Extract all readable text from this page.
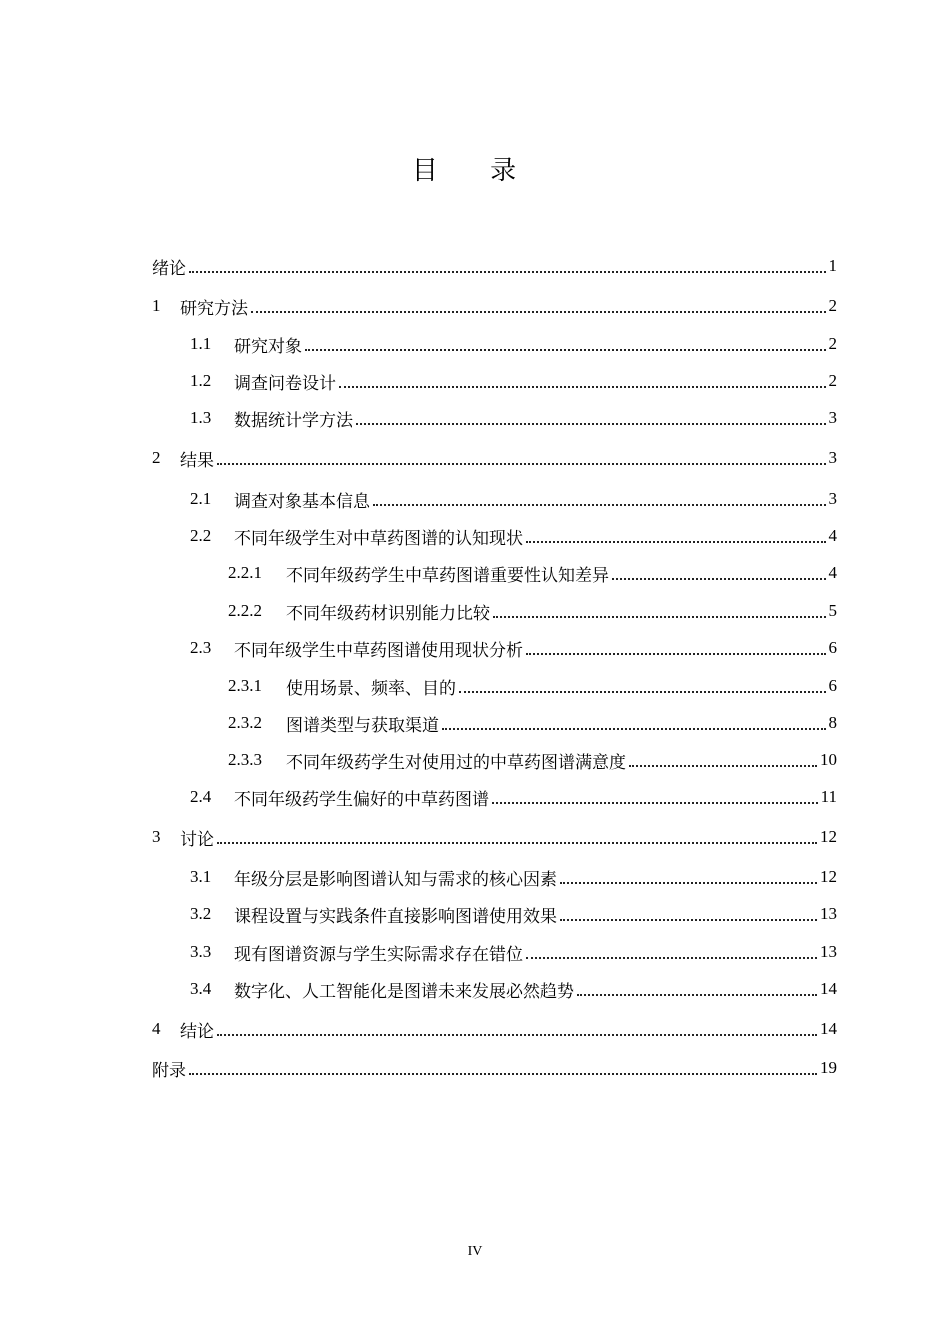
目 录
绪论	1
1	研究方法	2
1.1	研究对象	2
1.2	调查问卷设计	2
1.3	数据统计学方法	3
2	结果	3
2.1	调查对象基本信息	3
2.2	不同年级学生对中草药图谱的认知现状	4
2.2.1	不同年级药学生中草药图谱重要性认知差异	4
2.2.2	不同年级药材识别能力比较	5
2.3	不同年级学生中草药图谱使用现状分析	6
2.3.1	使用场景、频率、目的	6
2.3.2	图谱类型与获取渠道	8
2.3.3	不同年级药学生对使用过的中草药图谱满意度	10
2.4	不同年级药学生偏好的中草药图谱	11
3	讨论	12
3.1	年级分层是影响图谱认知与需求的核心因素	12
3.2	课程设置与实践条件直接影响图谱使用效果	13
3.3	现有图谱资源与学生实际需求存在错位	13
3.4	数字化、人工智能化是图谱未来发展必然趋势	14
4	结论	14
附录	19
IV
